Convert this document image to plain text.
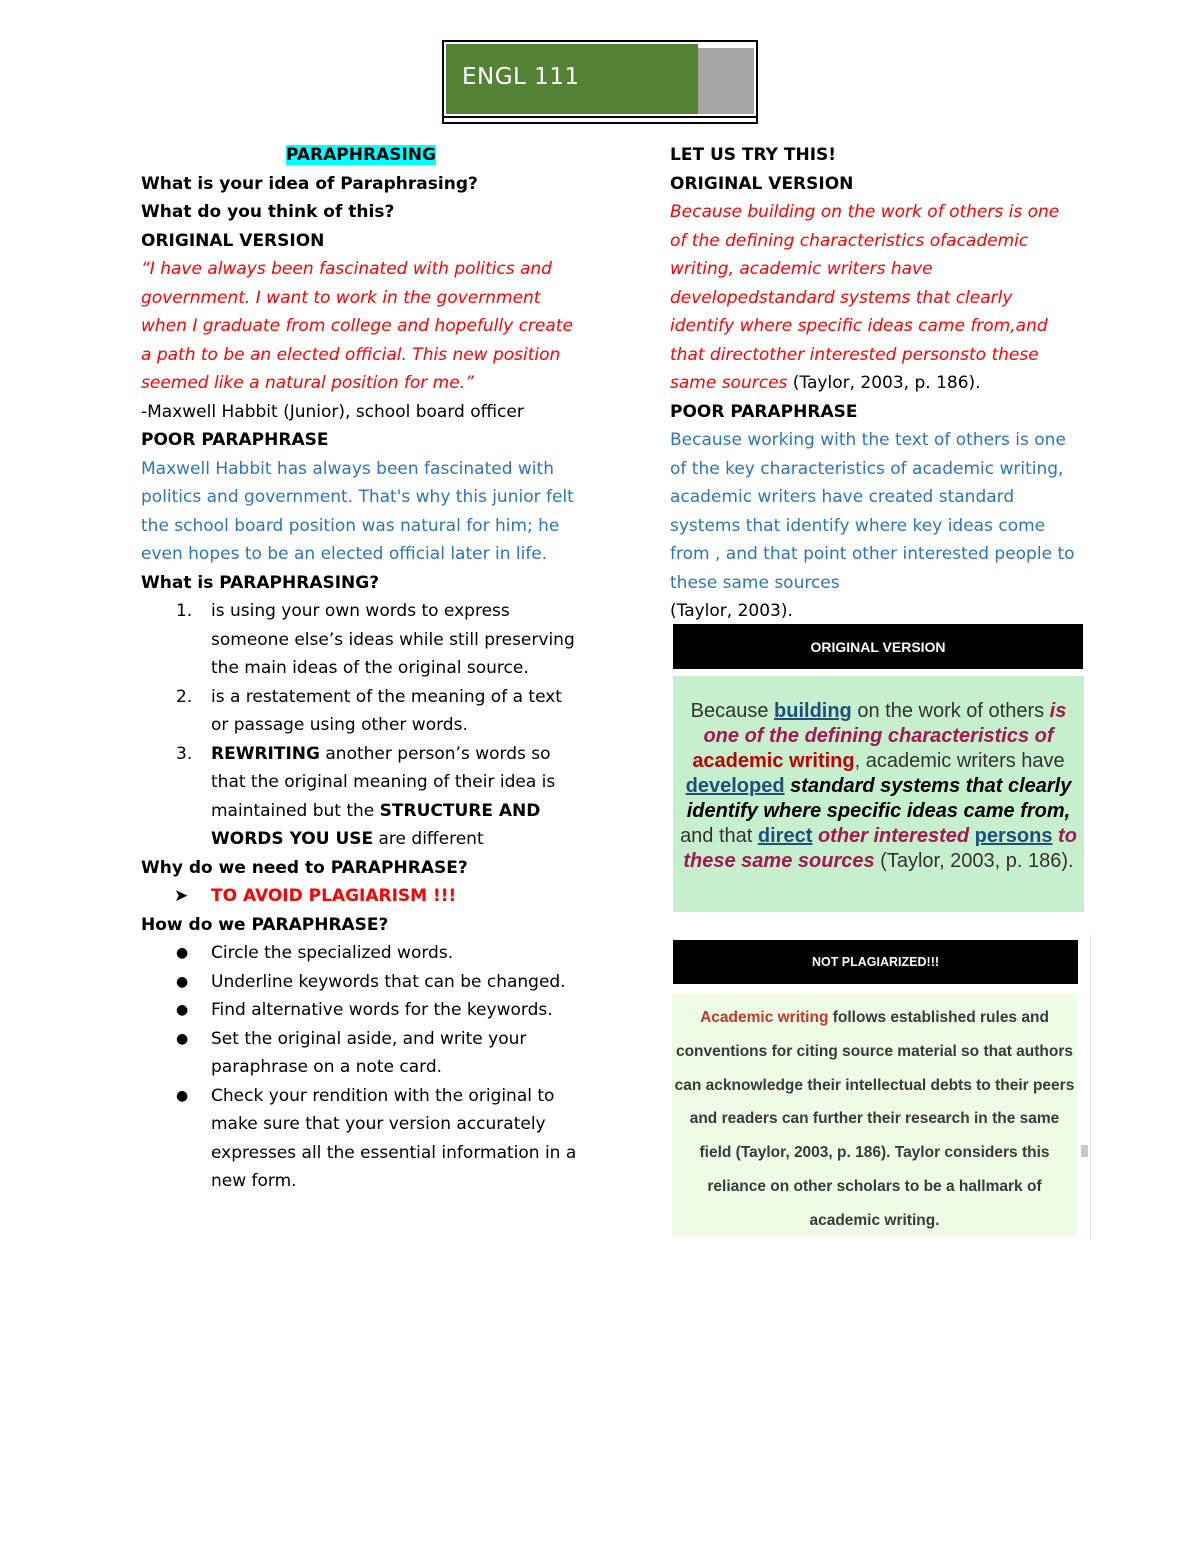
ENGL 111
PARAPHRASING
What is your idea of Paraphrasing?
What do you think of this?
ORIGINAL VERSION
“I have always been fascinated with politics and government. I want to work in the government when I graduate from college and hopefully create a path to be an elected official. This new position seemed like a natural position for me.”
-Maxwell Habbit (Junior), school board officer
POOR PARAPHRASE
Maxwell Habbit has always been fascinated with politics and government. That's why this junior felt the school board position was natural for him; he even hopes to be an elected official later in life.
What is PARAPHRASING?
1. is using your own words to express someone else’s ideas while still preserving the main ideas of the original source.
2. is a restatement of the meaning of a text or passage using other words.
3. REWRITING another person’s words so that the original meaning of their idea is maintained but the STRUCTURE AND WORDS YOU USE are different
Why do we need to PARAPHRASE?
➤ TO AVOID PLAGIARISM !!!
How do we PARAPHRASE?
● Circle the specialized words.
● Underline keywords that can be changed.
● Find alternative words for the keywords.
● Set the original aside, and write your paraphrase on a note card.
● Check your rendition with the original to make sure that your version accurately expresses all the essential information in a new form.
LET US TRY THIS!
ORIGINAL VERSION
Because building on the work of others is one of the defining characteristics ofacademic writing, academic writers have developedstandard systems that clearly identify where specific ideas came from,and that directother interested personsto these same sources (Taylor, 2003, p. 186).
POOR PARAPHRASE
Because working with the text of others is one of the key characteristics of academic writing, academic writers have created standard systems that identify where key ideas come from , and that point other interested people to these same sources
(Taylor, 2003).
ORIGINAL VERSION
Because building on the work of others is one of the defining characteristics of academic writing, academic writers have developed standard systems that clearly identify where specific ideas came from, and that direct other interested persons to these same sources (Taylor, 2003, p. 186).
NOT PLAGIARIZED!!!
Academic writing follows established rules and conventions for citing source material so that authors can acknowledge their intellectual debts to their peers and readers can further their research in the same field (Taylor, 2003, p. 186). Taylor considers this reliance on other scholars to be a hallmark of academic writing.
